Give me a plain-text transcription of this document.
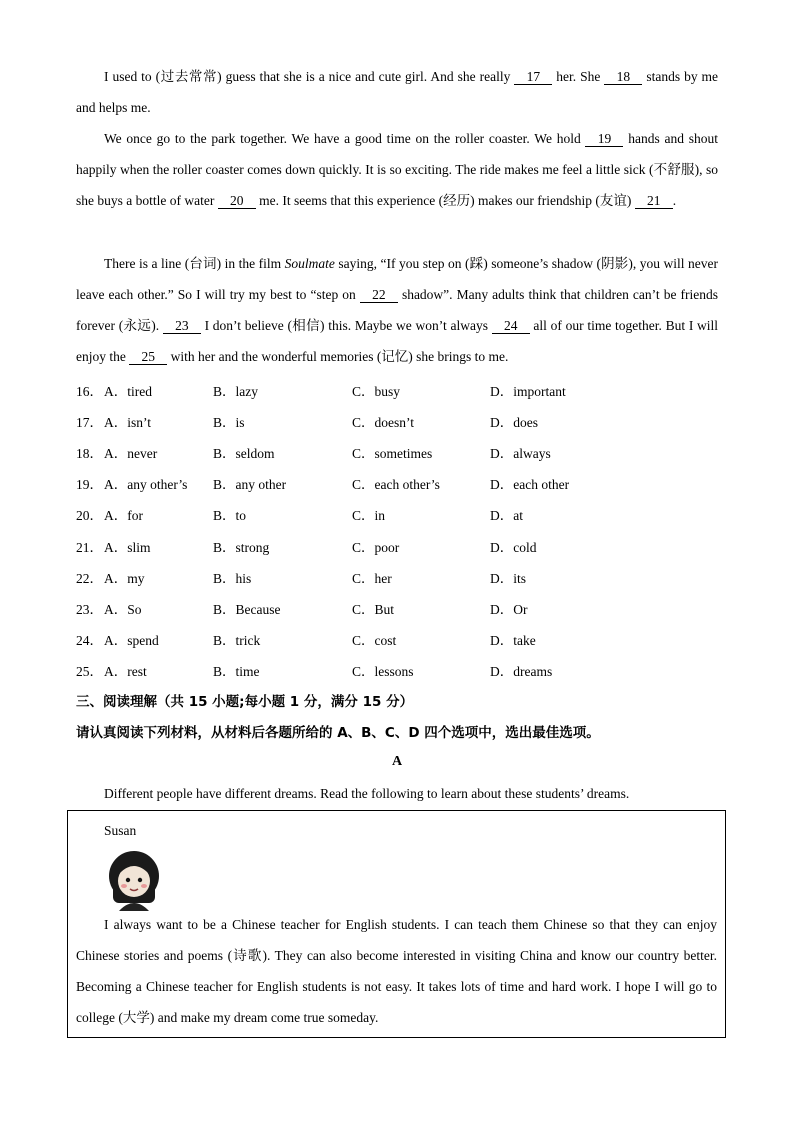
I used to (过去常常) guess that she is a nice and cute girl. And she really 17 her. She 18 stands by me and helps me.

We once go to the park together. We have a good time on the roller coaster. We hold 19 hands and shout happily when the roller coaster comes down quickly. It is so exciting. The ride makes me feel a little sick (不舒服), so she buys a bottle of water 20 me. It seems that this experience (经历) makes our friendship (友谊) 21 .

There is a line (台词) in the film Soulmate saying, “If you step on (踩) someone’s shadow (阴影), you will never leave each other.” So I will try my best to “step on 22 shadow”. Many adults think that children can’t be friends forever (永远). 23 I don’t believe (相信) this. Maybe we won’t always 24 all of our time together. But I will enjoy the 25 with her and the wonderful memories (记忆) she brings to me.

16． A．tired	B．lazy	C．busy	D．important
17． A．isn’t	B．is	C．doesn’t	D．does
18． A．never	B．seldom	C．sometimes	D．always
19． A．any other’s B．any other	C．each other’s	D．each other
20． A．for	B．to	C．in	D．at
21． A．slim	B．strong	C．poor	D．cold
22． A．my	B．his	C．her	D．its
23． A．So	B．Because	C．But	D．Or
24． A．spend	B．trick	C．cost	D．take
25． A．rest	B．time	C．lessons	D．dreams
三、阅读理解（共 15 小题;每小题 1 分，满分 15 分）
请认真阅读下列材料，从材料后各题所给的 A、B、C、D 四个选项中，选出最佳选项。
A

Different people have different dreams. Read the following to learn about these students’ dreams.

Susan

I always want to be a Chinese teacher for English students. I can teach them Chinese so that they can enjoy Chinese stories and poems (诗歌). They can also become interested in visiting China and know our country better. Becoming a Chinese teacher for English students is not easy. It takes lots of time and hard work. I hope I will go to college (大学) and make my dream come true someday.
